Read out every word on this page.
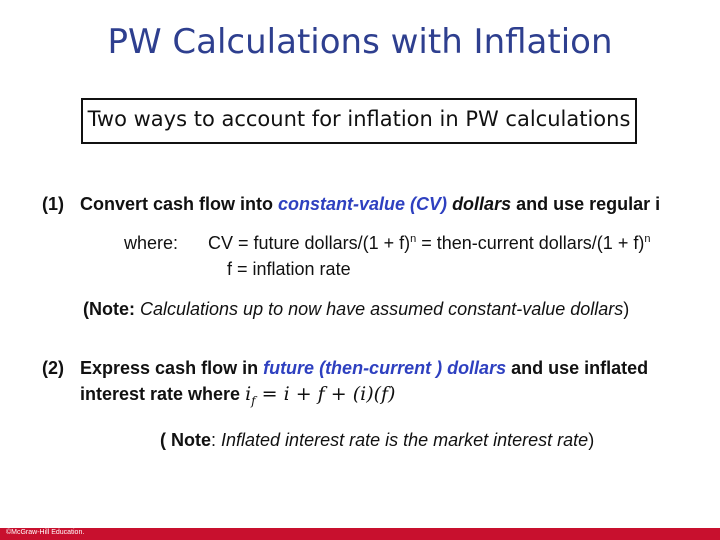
PW Calculations with Inflation
Two ways to account for inflation in PW calculations
(1) Convert cash flow into constant-value (CV) dollars and use regular i
where: CV = future dollars/(1 + f)$^n$ = then-current dollars/(1 + f)$^n$
f = inflation rate
(Note: Calculations up to now have assumed constant-value dollars)
(2) Express cash flow in future (then-current ) dollars and use inflated
interest rate where $i_f = i + f + (i)(f)$
( Note: Inflated interest rate is the market interest rate)
©McGraw-Hill Education.
